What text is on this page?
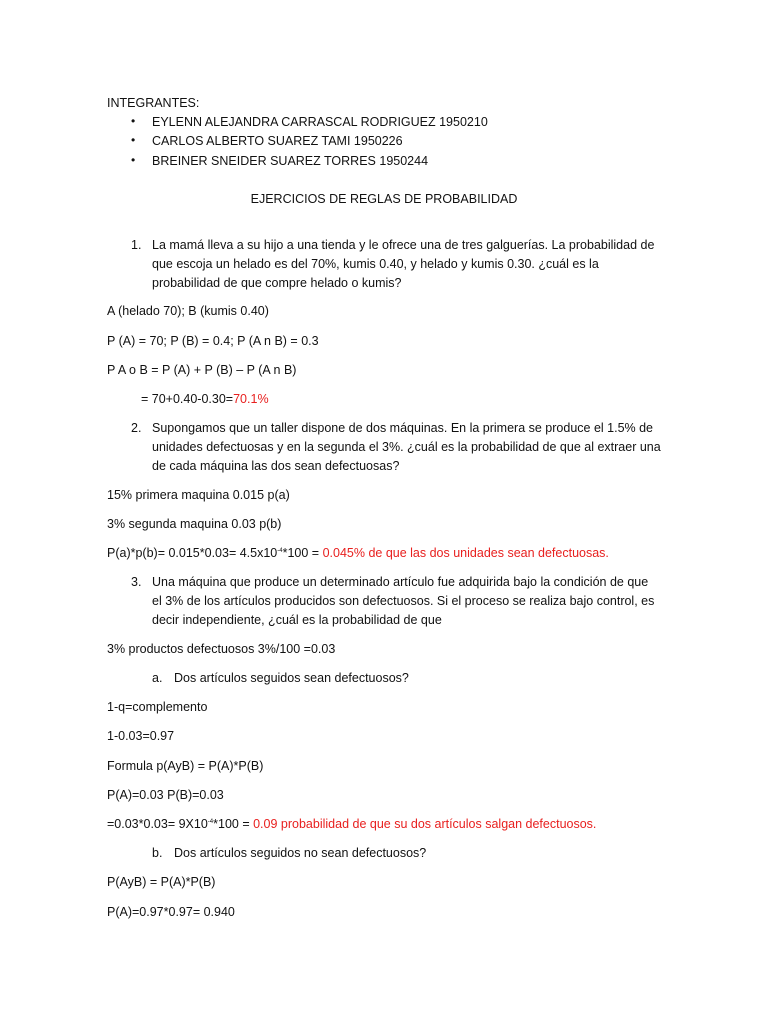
INTEGRANTES:
• EYLENN ALEJANDRA CARRASCAL RODRIGUEZ 1950210
• CARLOS ALBERTO SUAREZ TAMI 1950226
• BREINER SNEIDER SUAREZ TORRES 1950244
EJERCICIOS DE REGLAS DE PROBABILIDAD
1. La mamá lleva a su hijo a una tienda y le ofrece una de tres galguerías. La probabilidad de
que escoja un helado es del 70%, kumis 0.40, y helado y kumis 0.30. ¿cuál es la
probabilidad de que compre helado o kumis?
A (helado 70); B (kumis 0.40)
P (A) = 70; P (B) = 0.4; P (A n B) = 0.3
P A o B = P (A) + P (B) – P (A n B)
= 70+0.40-0.30=70.1%
2. Supongamos que un taller dispone de dos máquinas. En la primera se produce el 1.5% de
unidades defectuosas y en la segunda el 3%. ¿cuál es la probabilidad de que al extraer una
de cada máquina las dos sean defectuosas?
15% primera maquina 0.015 p(a)
3% segunda maquina 0.03 p(b)
$P(a)*p(b)= 0.015*0.03= 4.5x10^{-4}*100 = 0.045\%$ de que las dos unidades sean defectuosas.
3. Una máquina que produce un determinado artículo fue adquirida bajo la condición de que
el 3% de los artículos producidos son defectuosos. Si el proceso se realiza bajo control, es
decir independiente, ¿cuál es la probabilidad de que
3% productos defectuosos 3%/100 =0.03
a. Dos artículos seguidos sean defectuosos?
1-q=complemento
1-0.03=0.97
Formula p(AyB) = P(A)*P(B)
P(A)=0.03 P(B)=0.03
$=0.03*0.03= 9X10^{-4}*100 = 0.09$ probabilidad de que su dos artículos salgan defectuosos.
b. Dos artículos seguidos no sean defectuosos?
P(AyB) = P(A)*P(B)
P(A)=0.97*0.97= 0.940
